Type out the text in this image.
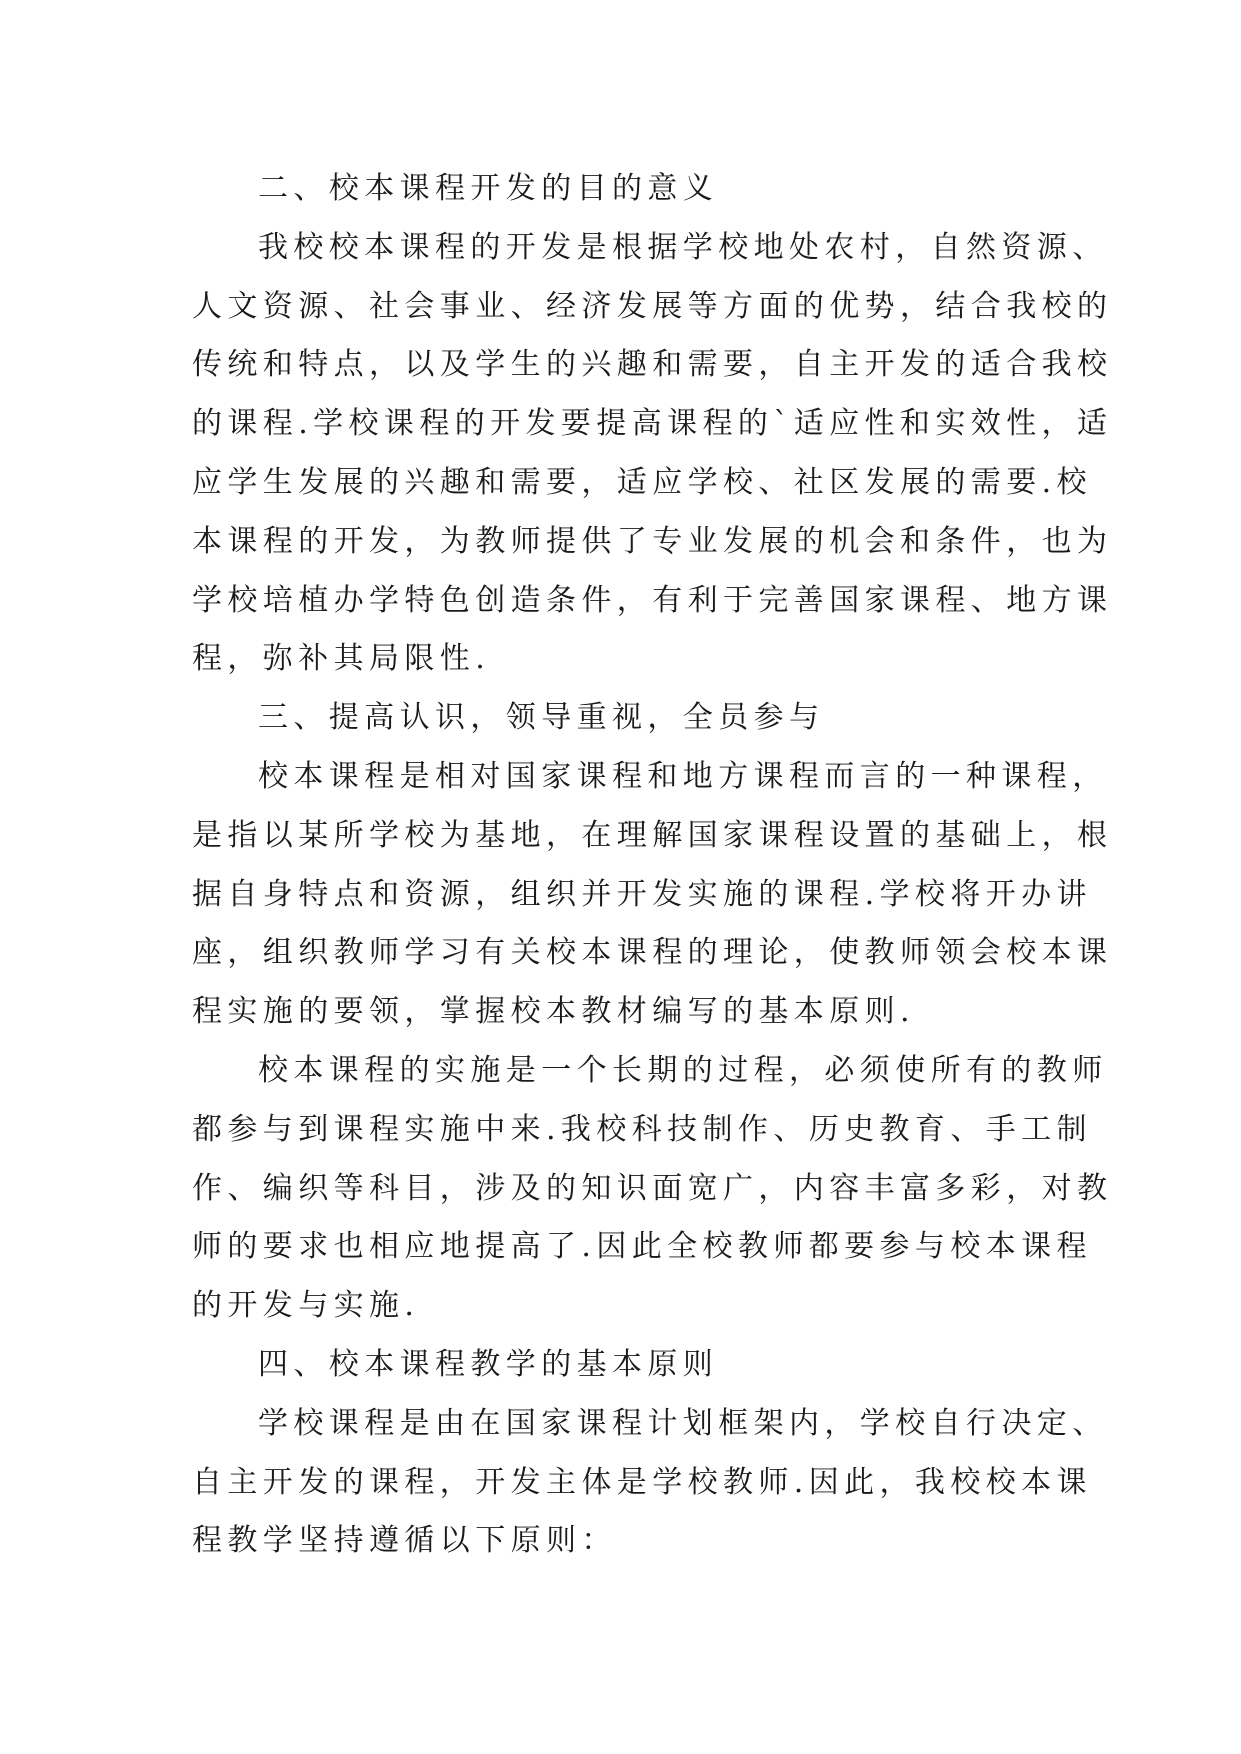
二、校本课程开发的目的意义
我校校本课程的开发是根据学校地处农村，自然资源、
人文资源、社会事业、经济发展等方面的优势，结合我校的
传统和特点，以及学生的兴趣和需要，自主开发的适合我校
的课程.学校课程的开发要提高课程的`适应性和实效性，适
应学生发展的兴趣和需要，适应学校、社区发展的需要.校
本课程的开发，为教师提供了专业发展的机会和条件，也为
学校培植办学特色创造条件，有利于完善国家课程、地方课
程，弥补其局限性.
三、提高认识，领导重视，全员参与
校本课程是相对国家课程和地方课程而言的一种课程，
是指以某所学校为基地，在理解国家课程设置的基础上，根
据自身特点和资源，组织并开发实施的课程.学校将开办讲
座，组织教师学习有关校本课程的理论，使教师领会校本课
程实施的要领，掌握校本教材编写的基本原则.
校本课程的实施是一个长期的过程，必须使所有的教师
都参与到课程实施中来.我校科技制作、历史教育、手工制
作、编织等科目，涉及的知识面宽广，内容丰富多彩，对教
师的要求也相应地提高了.因此全校教师都要参与校本课程
的开发与实施.
四、校本课程教学的基本原则
学校课程是由在国家课程计划框架内，学校自行决定、
自主开发的课程，开发主体是学校教师.因此，我校校本课
程教学坚持遵循以下原则：
